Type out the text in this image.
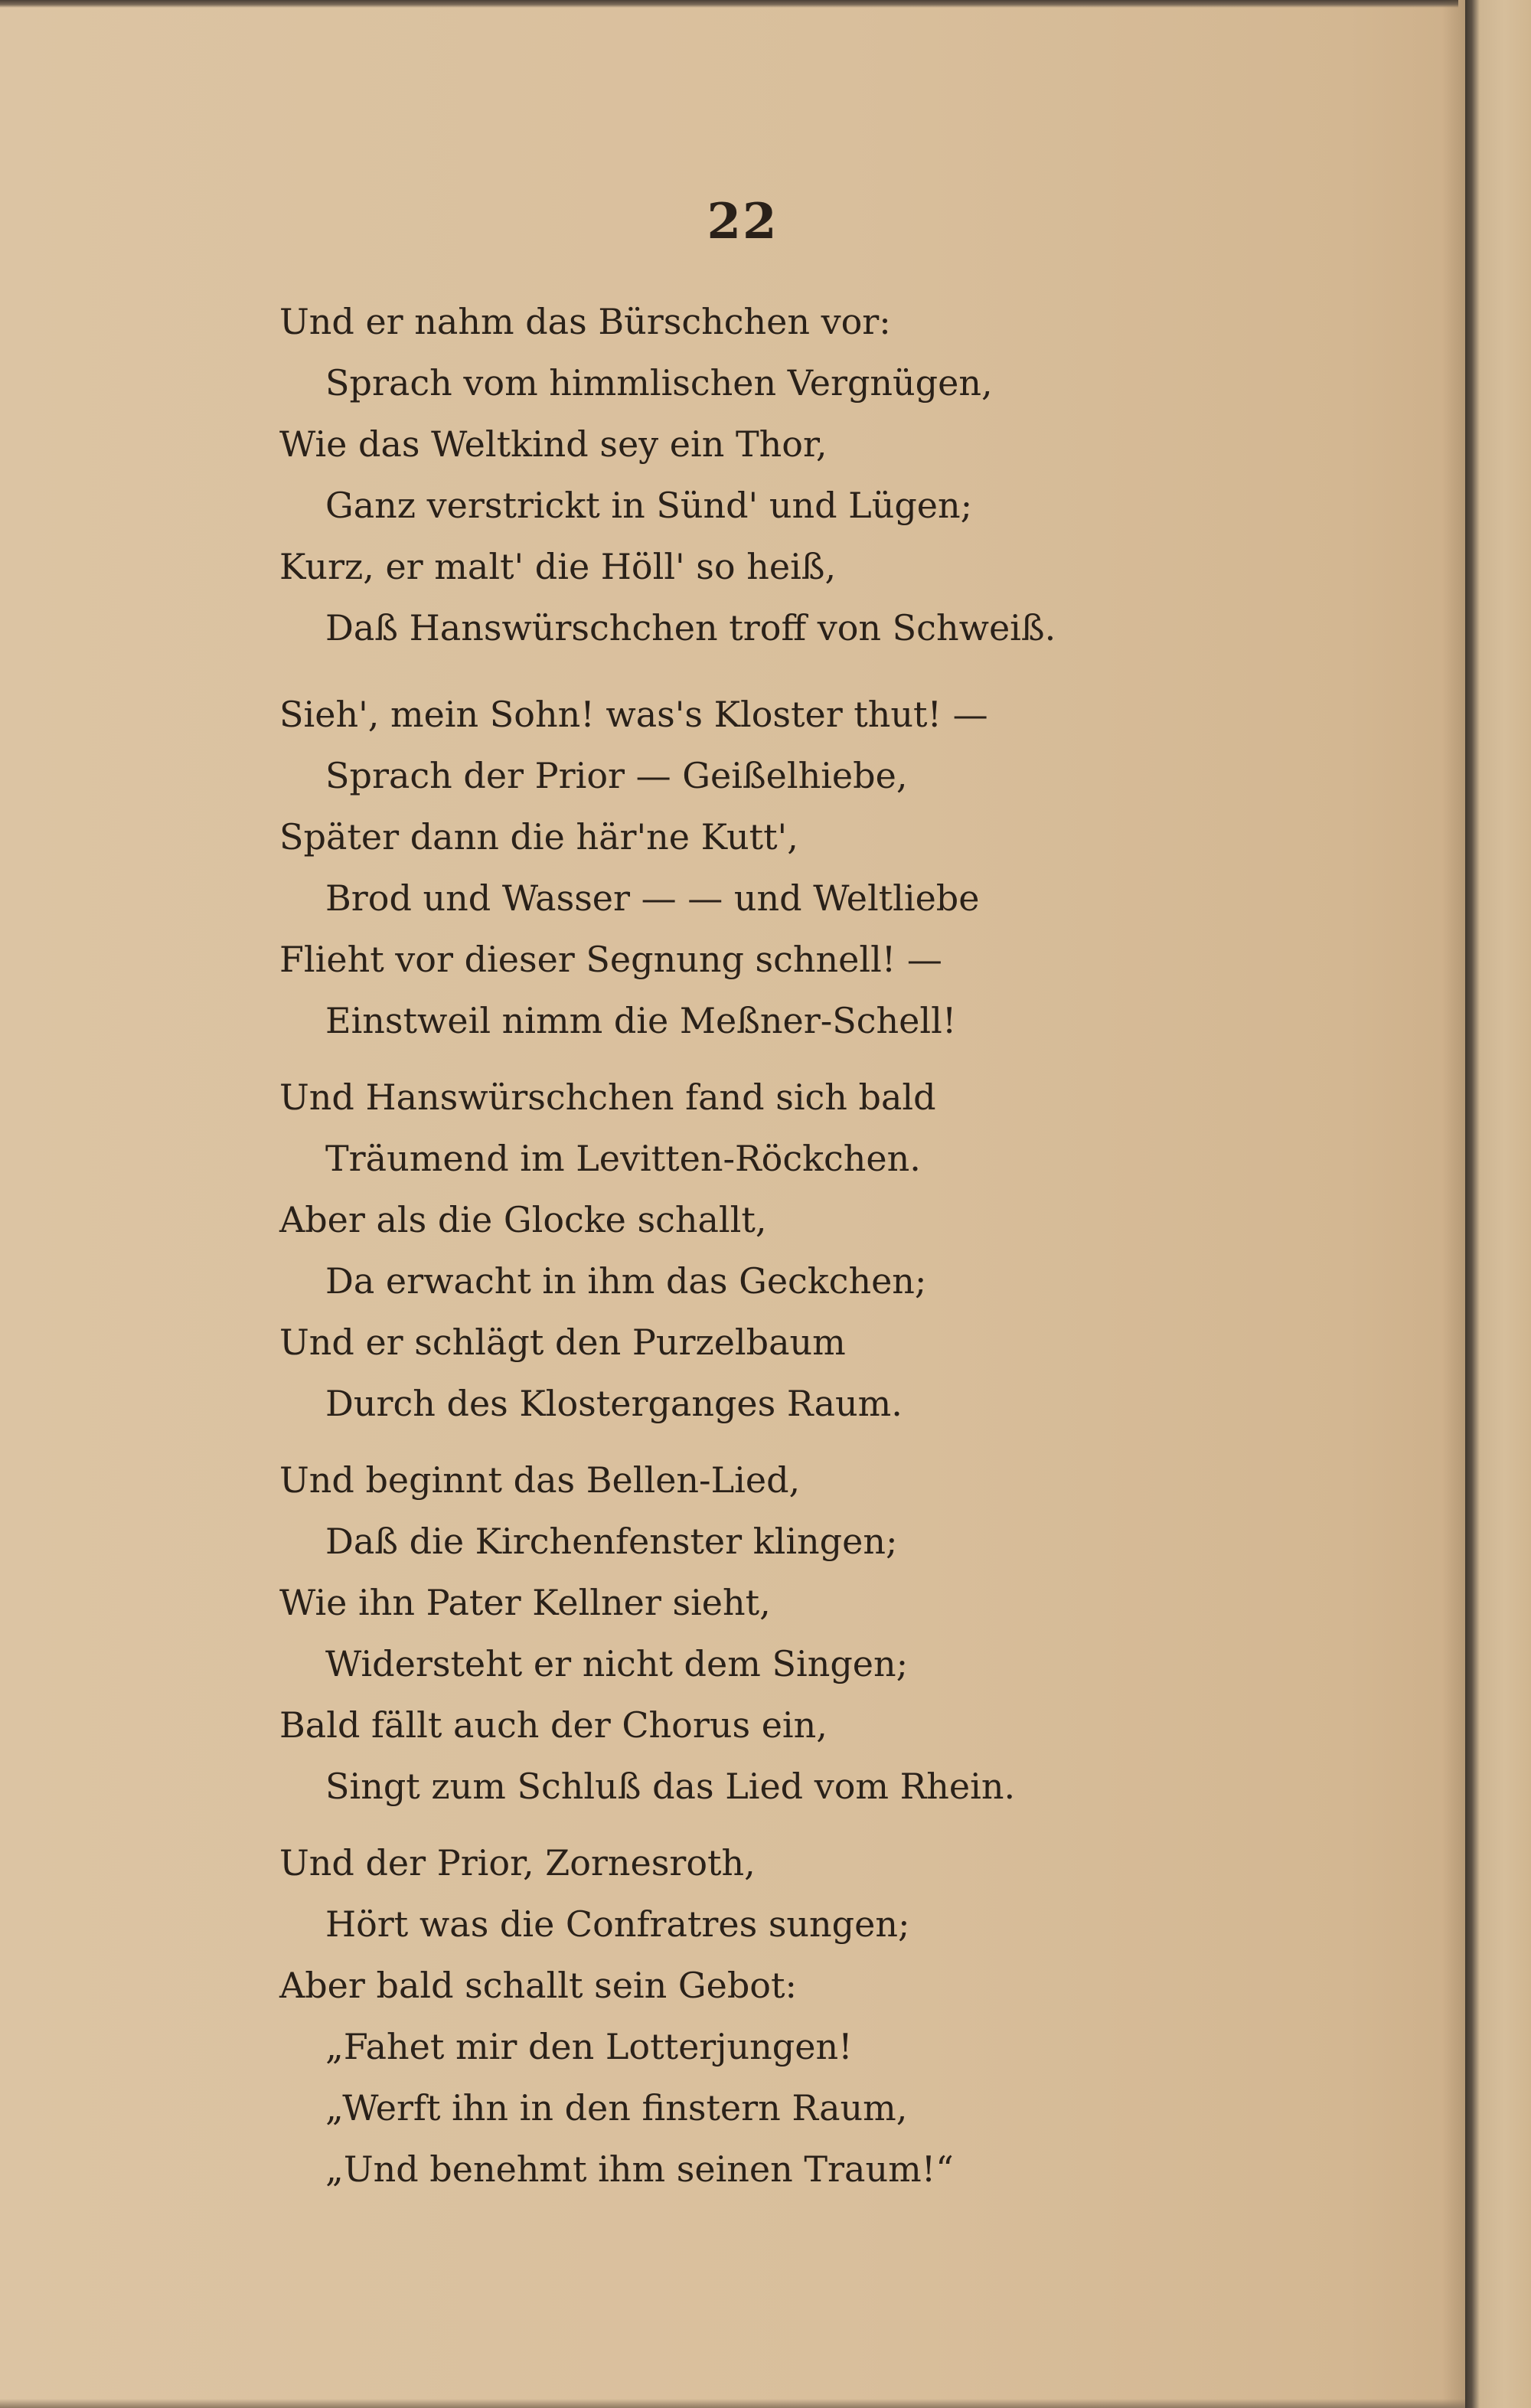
22
Und er nahm das Bürschchen vor:
Sprach vom himmlischen Vergnügen,
Wie das Weltkind sey ein Thor,
Ganz verstrickt in Sünd' und Lügen;
Kurz, er malt' die Höll' so heiß,
Daß Hanswürschchen troff von Schweiß.
Sieh', mein Sohn! was's Kloster thut! —
Sprach der Prior — Geißelhiebe,
Später dann die här'ne Kutt',
Brod und Wasser — — und Weltliebe
Flieht vor dieser Segnung schnell! —
Einstweil nimm die Meßner-Schell!
Und Hanswürschchen fand sich bald
Träumend im Levitten-Röckchen.
Aber als die Glocke schallt,
Da erwacht in ihm das Geckchen;
Und er schlägt den Purzelbaum
Durch des Klosterganges Raum.
Und beginnt das Bellen-Lied,
Daß die Kirchenfenster klingen;
Wie ihn Pater Kellner sieht,
Widersteht er nicht dem Singen;
Bald fällt auch der Chorus ein,
Singt zum Schluß das Lied vom Rhein.
Und der Prior, Zornesroth,
Hört was die Confratres sungen;
Aber bald schallt sein Gebot:
„Fahet mir den Lotterjungen!
„Werft ihn in den finstern Raum,
„Und benehmt ihm seinen Traum!“
